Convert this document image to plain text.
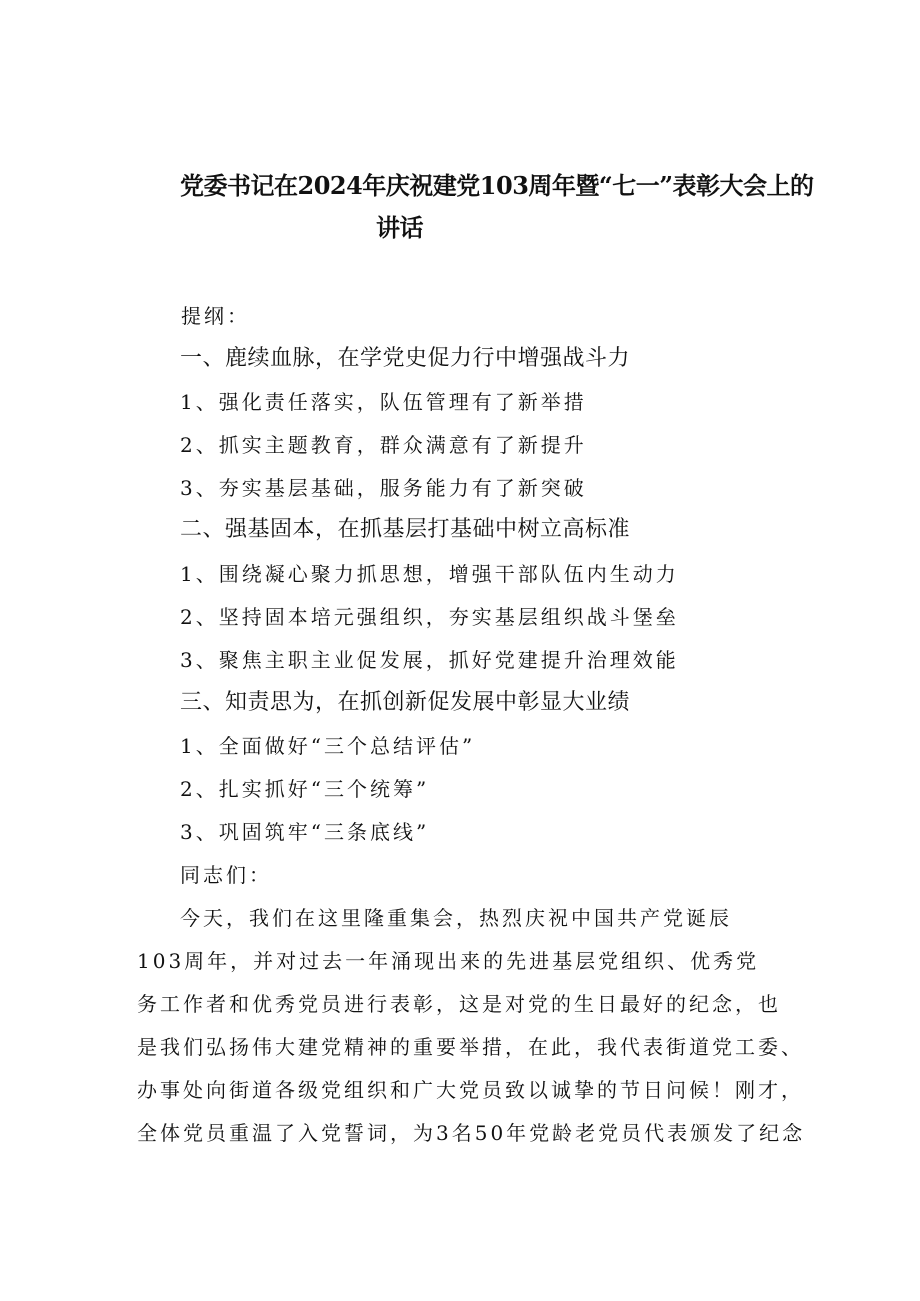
党委书记在2024年庆祝建党103周年暨“七一”表彰大会上的
讲话
提纲：
一、鹿续血脉，在学党史促力行中增强战斗力
1、强化责任落实，队伍管理有了新举措
2、抓实主题教育，群众满意有了新提升
3、夯实基层基础，服务能力有了新突破
二、强基固本，在抓基层打基础中树立高标准
1、围绕凝心聚力抓思想，增强干部队伍内生动力
2、坚持固本培元强组织，夯实基层组织战斗堡垒
3、聚焦主职主业促发展，抓好党建提升治理效能
三、知责思为，在抓创新促发展中彰显大业绩
1、全面做好“三个总结评估”
2、扎实抓好“三个统筹”
3、巩固筑牢“三条底线”
同志们：
今天，我们在这里隆重集会，热烈庆祝中国共产党诞辰
103周年，并对过去一年涌现出来的先进基层党组织、优秀党
务工作者和优秀党员进行表彰，这是对党的生日最好的纪念，也
是我们弘扬伟大建党精神的重要举措，在此，我代表街道党工委、
办事处向街道各级党组织和广大党员致以诚挚的节日问候！刚才，
全体党员重温了入党誓词，为3名50年党龄老党员代表颁发了纪念
